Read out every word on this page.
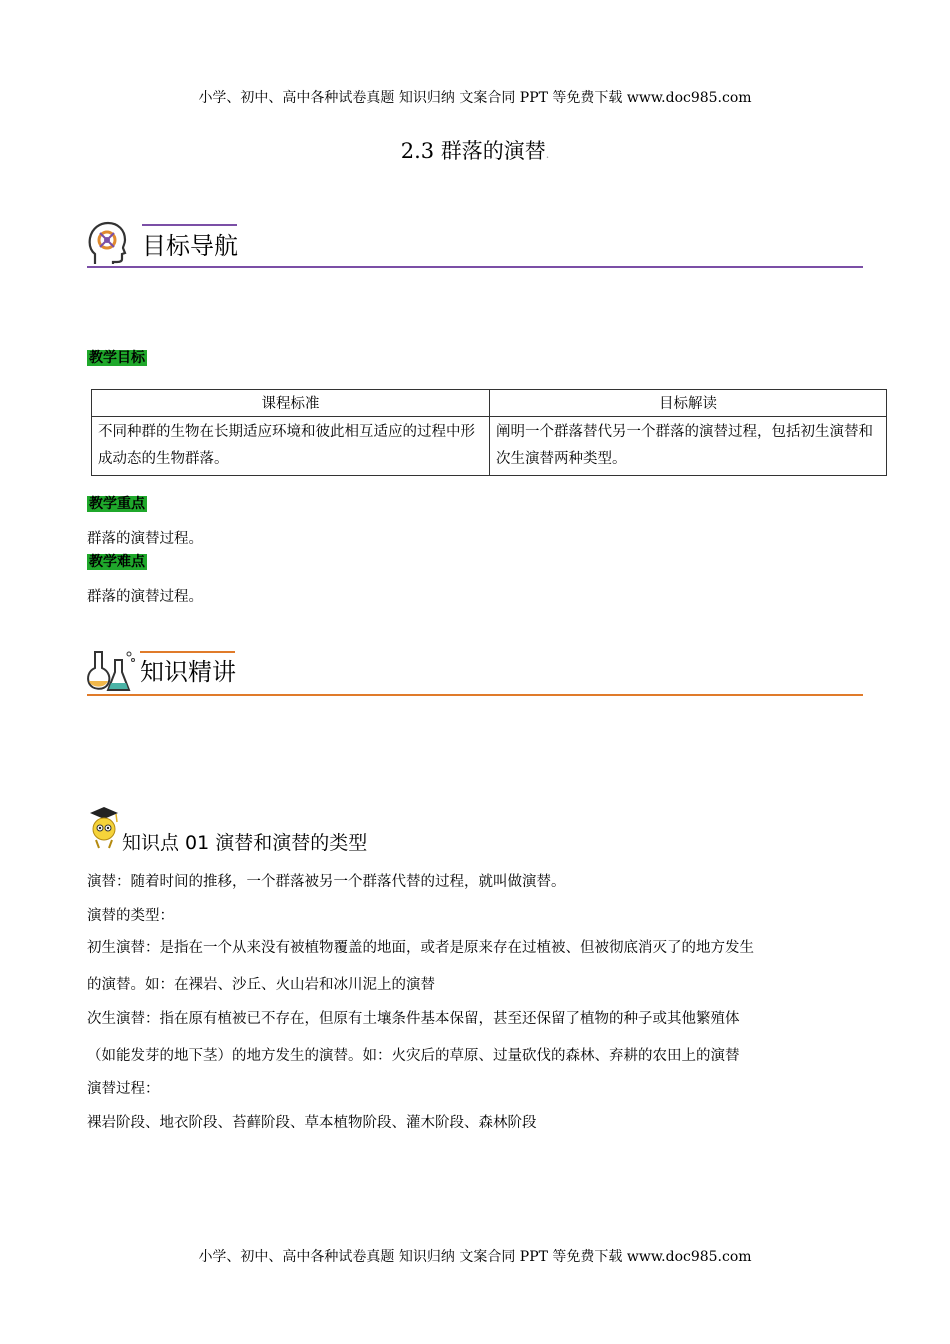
小学、初中、高中各种试卷真题 知识归纳 文案合同 PPT 等免费下载 www.doc985.com
2.3 群落的演替.
目标导航
教学目标
课程标准	目标解读
不同种群的生物在长期适应环境和彼此相互适应的过程中形成动态的生物群落。	阐明一个群落替代另一个群落的演替过程，包括初生演替和次生演替两种类型。
教学重点
群落的演替过程。
教学难点
群落的演替过程。
知识精讲
知识点 01 演替和演替的类型
演替：随着时间的推移，一个群落被另一个群落代替的过程，就叫做演替。
演替的类型：
初生演替：是指在一个从来没有被植物覆盖的地面，或者是原来存在过植被、但被彻底消灭了的地方发生
的演替。如：在裸岩、沙丘、火山岩和冰川泥上的演替
次生演替：指在原有植被已不存在，但原有土壤条件基本保留，甚至还保留了植物的种子或其他繁殖体
（如能发芽的地下茎）的地方发生的演替。如：火灾后的草原、过量砍伐的森林、弃耕的农田上的演替
演替过程：
裸岩阶段、地衣阶段、苔藓阶段、草本植物阶段、灌木阶段、森林阶段
小学、初中、高中各种试卷真题 知识归纳 文案合同 PPT 等免费下载 www.doc985.com
